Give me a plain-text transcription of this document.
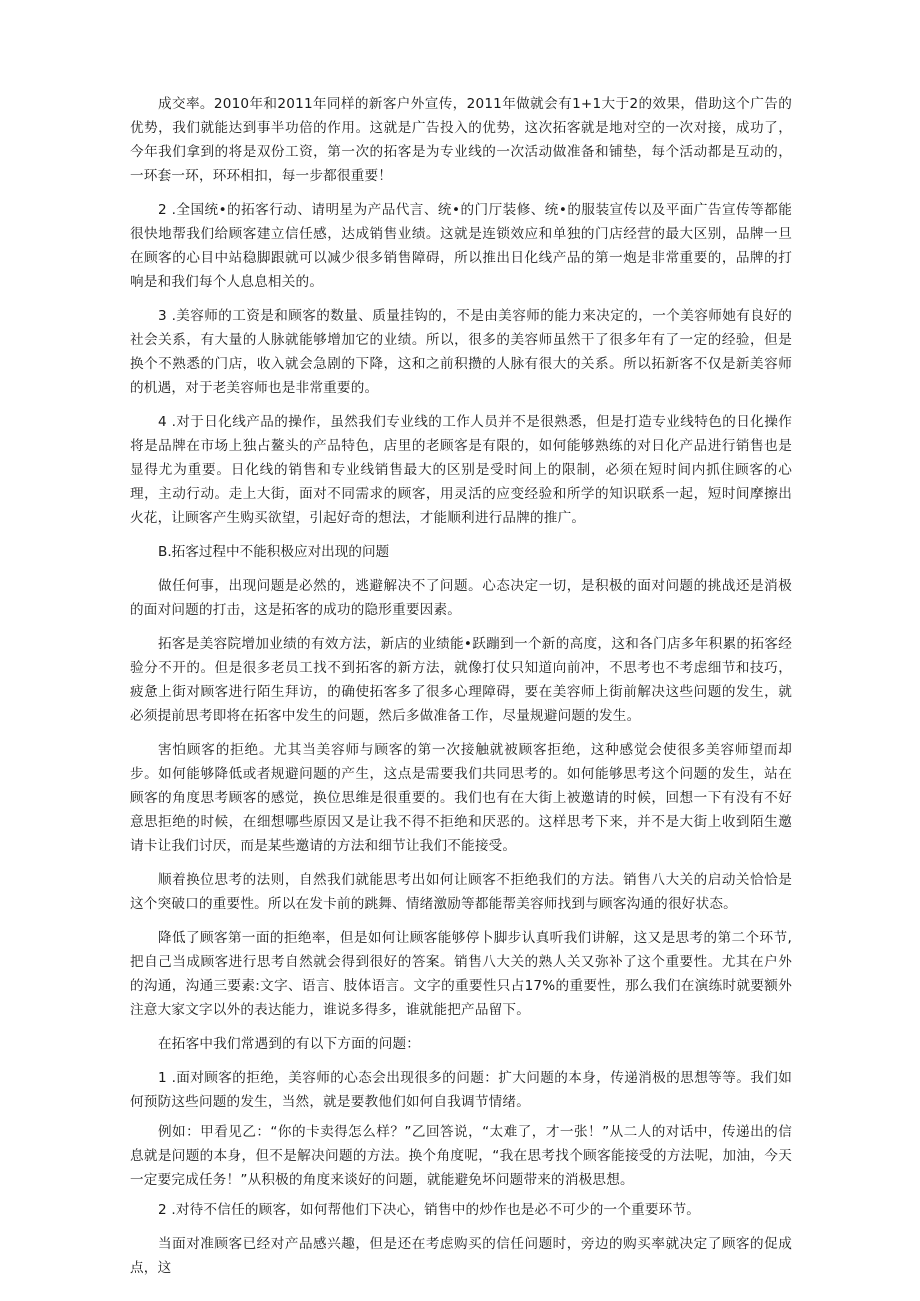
成交率。2010年和2011年同样的新客户外宣传，2011年做就会有1+1大于2的效果，借助这个广告的优势，我们就能达到事半功倍的作用。这就是广告投入的优势，这次拓客就是地对空的一次对接，成功了，今年我们拿到的将是双份工资，第一次的拓客是为专业线的一次活动做准备和铺垫，每个活动都是互动的，一环套一环，环环相扣，每一步都很重要！

2 .全国统•的拓客行动、请明星为产品代言、统•的门厅装修、统•的服装宣传以及平面广告宣传等都能很快地帮我们给顾客建立信任感，达成销售业绩。这就是连锁效应和单独的门店经营的最大区别，品牌一旦在顾客的心目中站稳脚跟就可以减少很多销售障碍，所以推出日化线产品的第一炮是非常重要的，品牌的打响是和我们每个人息息相关的。

3 .美容师的工资是和顾客的数量、质量挂钩的，不是由美容师的能力来决定的，一个美容师她有良好的社会关系，有大量的人脉就能够增加它的业绩。所以，很多的美容师虽然干了很多年有了一定的经验，但是换个不熟悉的门店，收入就会急剧的下降，这和之前积攒的人脉有很大的关系。所以拓新客不仅是新美容师的机遇，对于老美容师也是非常重要的。

4 .对于日化线产品的操作，虽然我们专业线的工作人员并不是很熟悉，但是打造专业线特色的日化操作将是品牌在市场上独占鳌头的产品特色，店里的老顾客是有限的，如何能够熟练的对日化产品进行销售也是显得尤为重要。日化线的销售和专业线销售最大的区别是受时间上的限制，必须在短时间内抓住顾客的心理，主动行动。走上大街，面对不同需求的顾客，用灵活的应变经验和所学的知识联系一起，短时间摩擦出火花，让顾客产生购买欲望，引起好奇的想法，才能顺利进行品牌的推广。

B.拓客过程中不能积极应对出现的问题

做任何事，出现问题是必然的，逃避解决不了问题。心态决定一切，是积极的面对问题的挑战还是消极的面对问题的打击，这是拓客的成功的隐形重要因素。

拓客是美容院增加业绩的有效方法，新店的业绩能•跃蹦到一个新的高度，这和各门店多年积累的拓客经验分不开的。但是很多老员工找不到拓客的新方法，就像打仗只知道向前冲，不思考也不考虑细节和技巧，疲惫上街对顾客进行陌生拜访，的确使拓客多了很多心理障碍，要在美容师上街前解决这些问题的发生，就必须提前思考即将在拓客中发生的问题，然后多做准备工作，尽量规避问题的发生。

害怕顾客的拒绝。尤其当美容师与顾客的第一次接触就被顾客拒绝，这种感觉会使很多美容师望而却步。如何能够降低或者规避问题的产生，这点是需要我们共同思考的。如何能够思考这个问题的发生，站在顾客的角度思考顾客的感觉，换位思维是很重要的。我们也有在大街上被邀请的时候，回想一下有没有不好意思拒绝的时候，在细想哪些原因又是让我不得不拒绝和厌恶的。这样思考下来，并不是大街上收到陌生邀请卡让我们讨厌，而是某些邀请的方法和细节让我们不能接受。

顺着换位思考的法则，自然我们就能思考出如何让顾客不拒绝我们的方法。销售八大关的启动关恰恰是这个突破口的重要性。所以在发卡前的跳舞、情绪激励等都能帮美容师找到与顾客沟通的很好状态。

降低了顾客第一面的拒绝率，但是如何让顾客能够停卜脚步认真听我们讲解，这又是思考的第二个环节,把自己当成顾客进行思考自然就会得到很好的答案。销售八大关的熟人关又弥补了这个重要性。尤其在户外的沟通，沟通三要素:文字、语言、肢体语言。文字的重要性只占17%的重要性，那么我们在演练时就要额外注意大家文字以外的表达能力，谁说多得多，谁就能把产品留下。

在拓客中我们常遇到的有以下方面的问题：

1 .面对顾客的拒绝，美容师的心态会出现很多的问题：扩大问题的本身，传递消极的思想等等。我们如何预防这些问题的发生，当然，就是要教他们如何自我调节情绪。

例如：甲看见乙：“你的卡卖得怎么样？”乙回答说，“太难了，才一张！”从二人的对话中，传递出的信息就是问题的本身，但不是解决问题的方法。换个角度呢，“我在思考找个顾客能接受的方法呢，加油，今天一定要完成任务！”从积极的角度来谈好的问题，就能避免坏问题带来的消极思想。

2 .对待不信任的顾客，如何帮他们下决心，销售中的炒作也是必不可少的一个重要环节。

当面对准顾客已经对产品感兴趣，但是还在考虑购买的信任问题时，旁边的购买率就决定了顾客的促成点，这
